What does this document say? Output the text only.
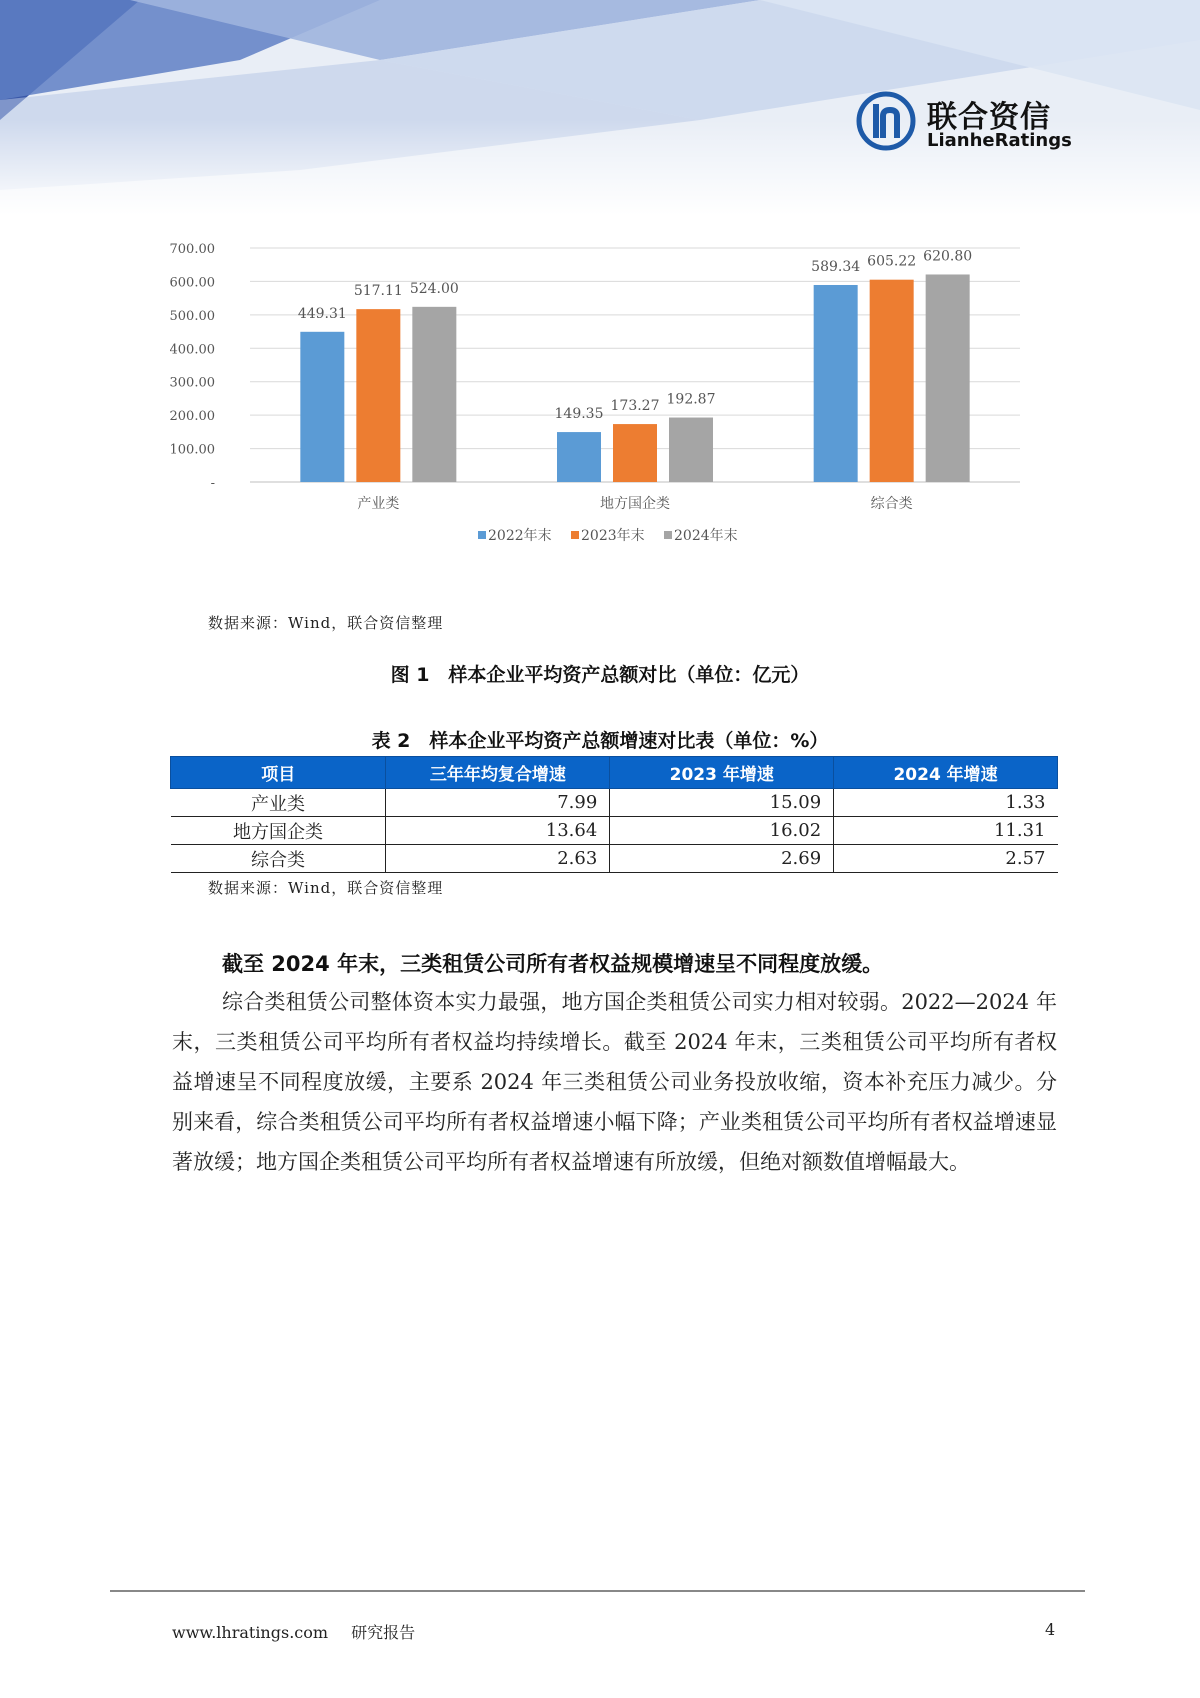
联合资信
LianheRatings
-
100.00
200.00
300.00
400.00
500.00
600.00
700.00
449.31
517.11 524.00
149.35 173.27 192.87
589.34 605.22 620.80
产业类	地方国企类	综合类
2022年末 2023年末 2024年末
数据来源：Wind，联合资信整理
图 1　样本企业平均资产总额对比（单位：亿元）
表 2　样本企业平均资产总额增速对比表（单位：%）
项目	三年年均复合增速	2023 年增速	2024 年增速
产业类	7.99	15.09	1.33
地方国企类	13.64	16.02	11.31
综合类	2.63	2.69	2.57
数据来源：Wind，联合资信整理
截至 2024 年末，三类租赁公司所有者权益规模增速呈不同程度放缓。
综合类租赁公司整体资本实力最强，地方国企类租赁公司实力相对较弱。2022—2024 年末，三类租赁公司平均所有者权益均持续增长。截至 2024 年末，三类租赁公司平均所有者权益增速呈不同程度放缓，主要系 2024 年三类租赁公司业务投放收缩，资本补充压力减少。分别来看，综合类租赁公司平均所有者权益增速小幅下降；产业类租赁公司平均所有者权益增速显著放缓；地方国企类租赁公司平均所有者权益增速有所放缓，但绝对额数值增幅最大。
www.lhratings.com 研究报告	4
